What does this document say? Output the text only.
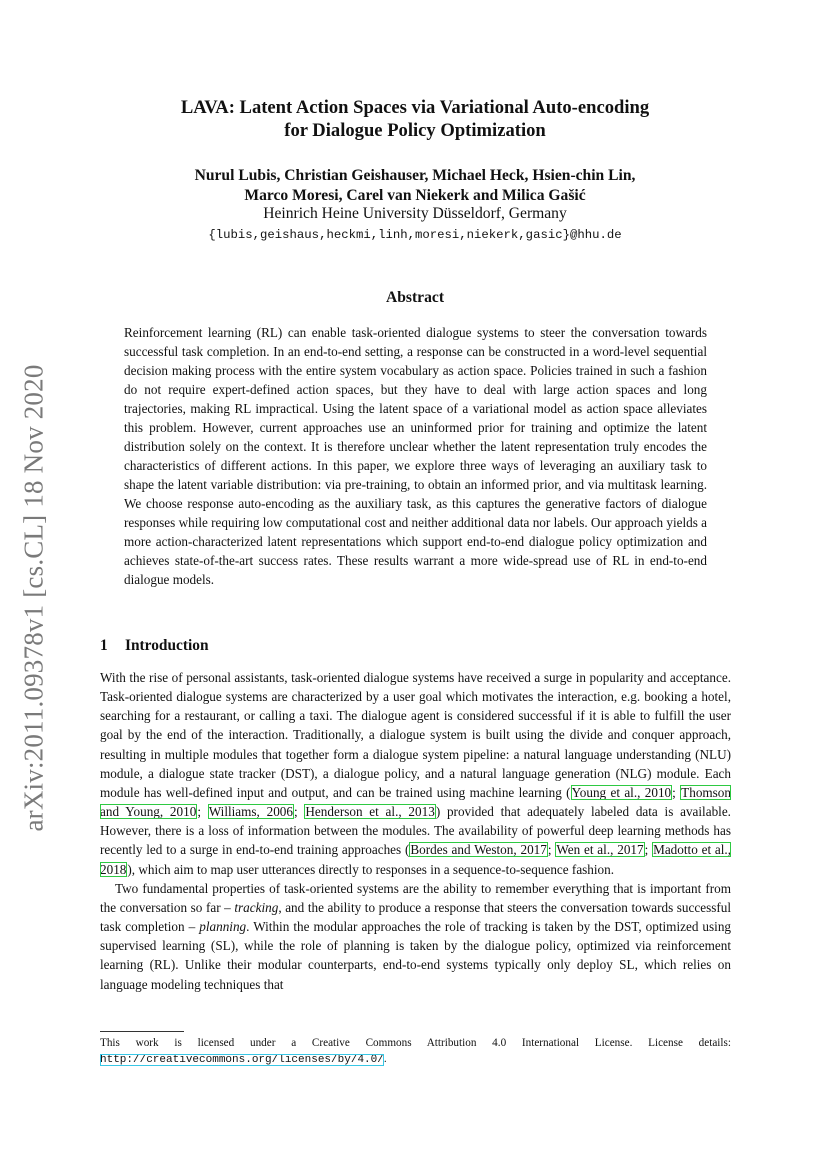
arXiv:2011.09378v1 [cs.CL] 18 Nov 2020
LAVA: Latent Action Spaces via Variational Auto-encoding
for Dialogue Policy Optimization
Nurul Lubis, Christian Geishauser, Michael Heck, Hsien-chin Lin,
Marco Moresi, Carel van Niekerk and Milica Gašić
Heinrich Heine University Düsseldorf, Germany
{lubis,geishaus,heckmi,linh,moresi,niekerk,gasic}@hhu.de
Abstract
Reinforcement learning (RL) can enable task-oriented dialogue systems to steer the conversation towards successful task completion. In an end-to-end setting, a response can be constructed in a word-level sequential decision making process with the entire system vocabulary as action space. Policies trained in such a fashion do not require expert-defined action spaces, but they have to deal with large action spaces and long trajectories, making RL impractical. Using the latent space of a variational model as action space alleviates this problem. However, current approaches use an uninformed prior for training and optimize the latent distribution solely on the context. It is therefore unclear whether the latent representation truly encodes the characteristics of different actions. In this paper, we explore three ways of leveraging an auxiliary task to shape the latent variable distribution: via pre-training, to obtain an informed prior, and via multitask learning. We choose response auto-encoding as the auxiliary task, as this captures the generative factors of dialogue responses while requiring low computational cost and neither additional data nor labels. Our approach yields a more action-characterized latent representations which support end-to-end dialogue policy optimization and achieves state-of-the-art success rates. These results warrant a more wide-spread use of RL in end-to-end dialogue models.
1 Introduction

With the rise of personal assistants, task-oriented dialogue systems have received a surge in popularity and acceptance. Task-oriented dialogue systems are characterized by a user goal which motivates the interaction, e.g. booking a hotel, searching for a restaurant, or calling a taxi. The dialogue agent is considered successful if it is able to fulfill the user goal by the end of the interaction. Traditionally, a dialogue system is built using the divide and conquer approach, resulting in multiple modules that together form a dialogue system pipeline: a natural language understanding (NLU) module, a dialogue state tracker (DST), a dialogue policy, and a natural language generation (NLG) module. Each module has well-defined input and output, and can be trained using machine learning (Young et al., 2010; Thomson and Young, 2010; Williams, 2006; Henderson et al., 2013) provided that adequately labeled data is available. However, there is a loss of information between the modules. The availability of powerful deep learning methods has recently led to a surge in end-to-end training approaches (Bordes and Weston, 2017; Wen et al., 2017; Madotto et al., 2018), which aim to map user utterances directly to responses in a sequence-to-sequence fashion.

Two fundamental properties of task-oriented systems are the ability to remember everything that is important from the conversation so far – tracking, and the ability to produce a response that steers the conversation towards successful task completion – planning. Within the modular approaches the role of tracking is taken by the DST, optimized using supervised learning (SL), while the role of planning is taken by the dialogue policy, optimized via reinforcement learning (RL). Unlike their modular counterparts, end-to-end systems typically only deploy SL, which relies on language modeling techniques that

This work is licensed under a Creative Commons Attribution 4.0 International License. License details: http://creativecommons.org/licenses/by/4.0/.
